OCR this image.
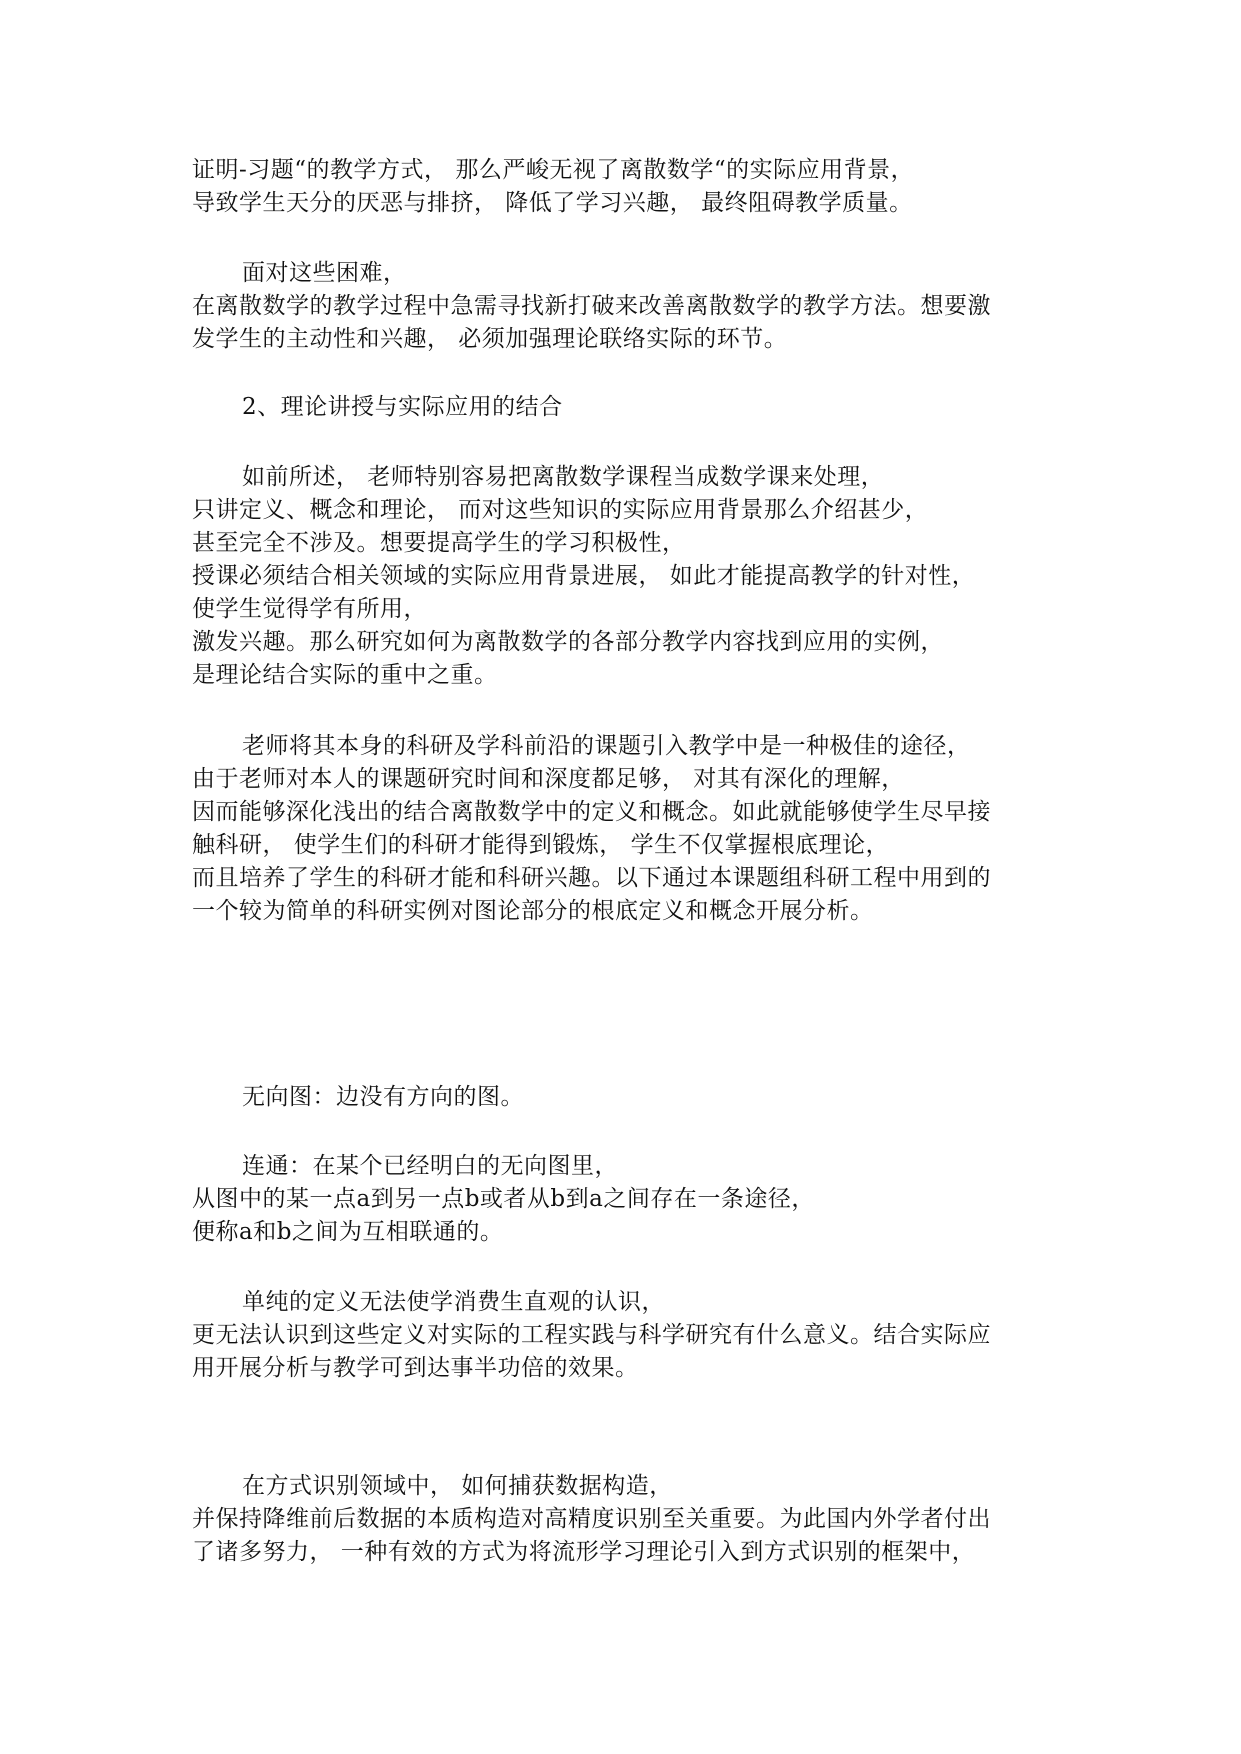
证明-习题“的教学方式， 那么严峻无视了离散数学“的实际应用背景，
导致学生天分的厌恶与排挤， 降低了学习兴趣， 最终阻碍教学质量。
面对这些困难，
在离散数学的教学过程中急需寻找新打破来改善离散数学的教学方法。想要激
发学生的主动性和兴趣， 必须加强理论联络实际的环节。
2、理论讲授与实际应用的结合
如前所述， 老师特别容易把离散数学课程当成数学课来处理，
只讲定义、概念和理论， 而对这些知识的实际应用背景那么介绍甚少，
甚至完全不涉及。想要提高学生的学习积极性，
授课必须结合相关领域的实际应用背景进展， 如此才能提高教学的针对性，
使学生觉得学有所用，
激发兴趣。那么研究如何为离散数学的各部分教学内容找到应用的实例，
是理论结合实际的重中之重。
老师将其本身的科研及学科前沿的课题引入教学中是一种极佳的途径，
由于老师对本人的课题研究时间和深度都足够， 对其有深化的理解，
因而能够深化浅出的结合离散数学中的定义和概念。如此就能够使学生尽早接
触科研， 使学生们的科研才能得到锻炼， 学生不仅掌握根底理论，
而且培养了学生的科研才能和科研兴趣。以下通过本课题组科研工程中用到的
一个较为简单的科研实例对图论部分的根底定义和概念开展分析。
无向图：边没有方向的图。
连通：在某个已经明白的无向图里，
从图中的某一点a到另一点b或者从b到a之间存在一条途径，
便称a和b之间为互相联通的。
单纯的定义无法使学消费生直观的认识，
更无法认识到这些定义对实际的工程实践与科学研究有什么意义。结合实际应
用开展分析与教学可到达事半功倍的效果。
在方式识别领域中， 如何捕获数据构造，
并保持降维前后数据的本质构造对高精度识别至关重要。为此国内外学者付出
了诸多努力， 一种有效的方式为将流形学习理论引入到方式识别的框架中，
